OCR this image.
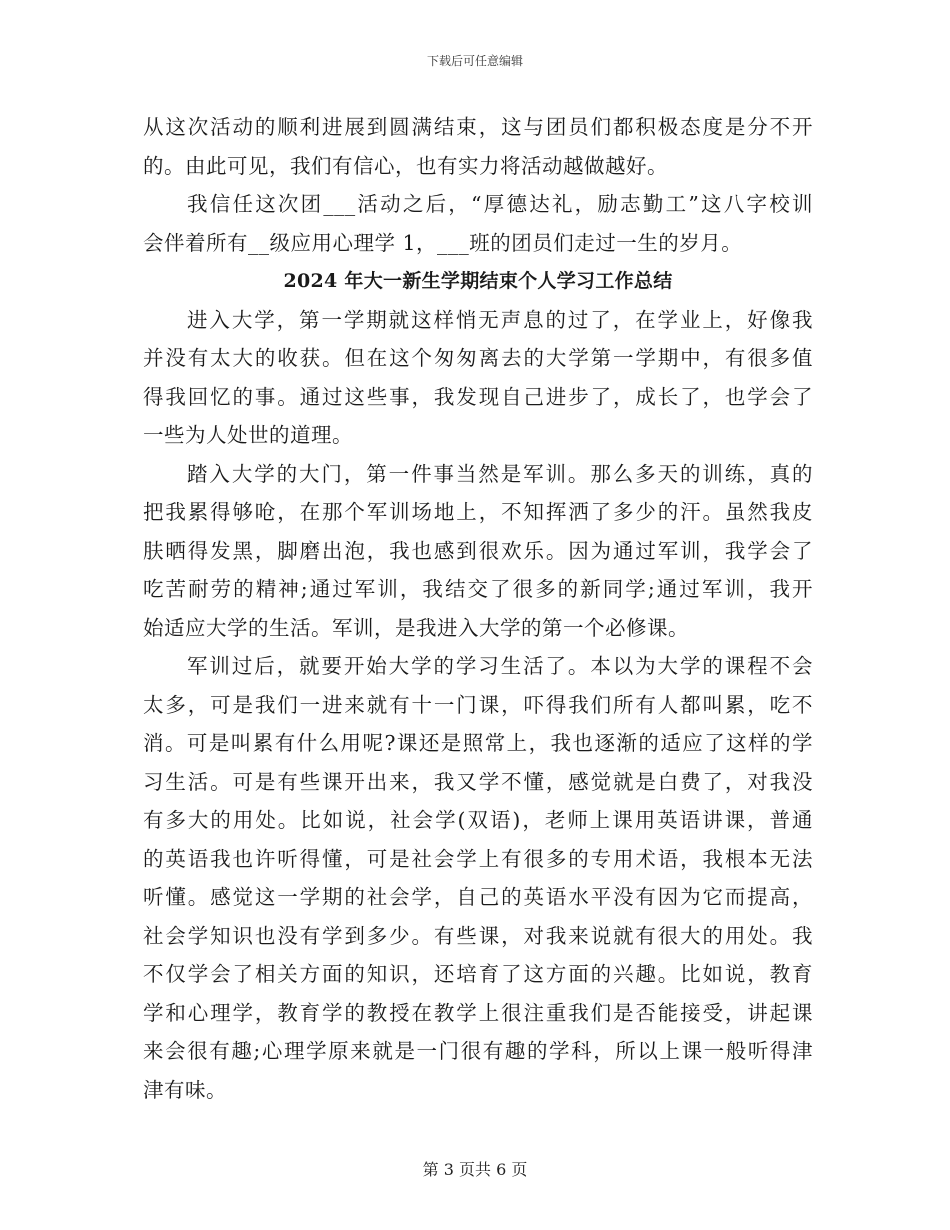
下载后可任意编辑
从这次活动的顺利进展到圆满结束，这与团员们都积极态度是分不开
的。由此可见，我们有信心，也有实力将活动越做越好。
我信任这次团___活动之后，“厚德达礼，励志勤工”这八字校训
会伴着所有__级应用心理学 1，___班的团员们走过一生的岁月。
2024 年大一新生学期结束个人学习工作总结
进入大学，第一学期就这样悄无声息的过了，在学业上，好像我
并没有太大的收获。但在这个匆匆离去的大学第一学期中，有很多值
得我回忆的事。通过这些事，我发现自己进步了，成长了，也学会了
一些为人处世的道理。
踏入大学的大门，第一件事当然是军训。那么多天的训练，真的
把我累得够呛，在那个军训场地上，不知挥洒了多少的汗。虽然我皮
肤晒得发黑，脚磨出泡，我也感到很欢乐。因为通过军训，我学会了
吃苦耐劳的精神;通过军训，我结交了很多的新同学;通过军训，我开
始适应大学的生活。军训，是我进入大学的第一个必修课。
军训过后，就要开始大学的学习生活了。本以为大学的课程不会
太多，可是我们一进来就有十一门课，吓得我们所有人都叫累，吃不
消。可是叫累有什么用呢?课还是照常上，我也逐渐的适应了这样的学
习生活。可是有些课开出来，我又学不懂，感觉就是白费了，对我没
有多大的用处。比如说，社会学(双语)，老师上课用英语讲课，普通
的英语我也许听得懂，可是社会学上有很多的专用术语，我根本无法
听懂。感觉这一学期的社会学，自己的英语水平没有因为它而提高，
社会学知识也没有学到多少。有些课，对我来说就有很大的用处。我
不仅学会了相关方面的知识，还培育了这方面的兴趣。比如说，教育
学和心理学，教育学的教授在教学上很注重我们是否能接受，讲起课
来会很有趣;心理学原来就是一门很有趣的学科，所以上课一般听得津
津有味。
第 3 页共 6 页
